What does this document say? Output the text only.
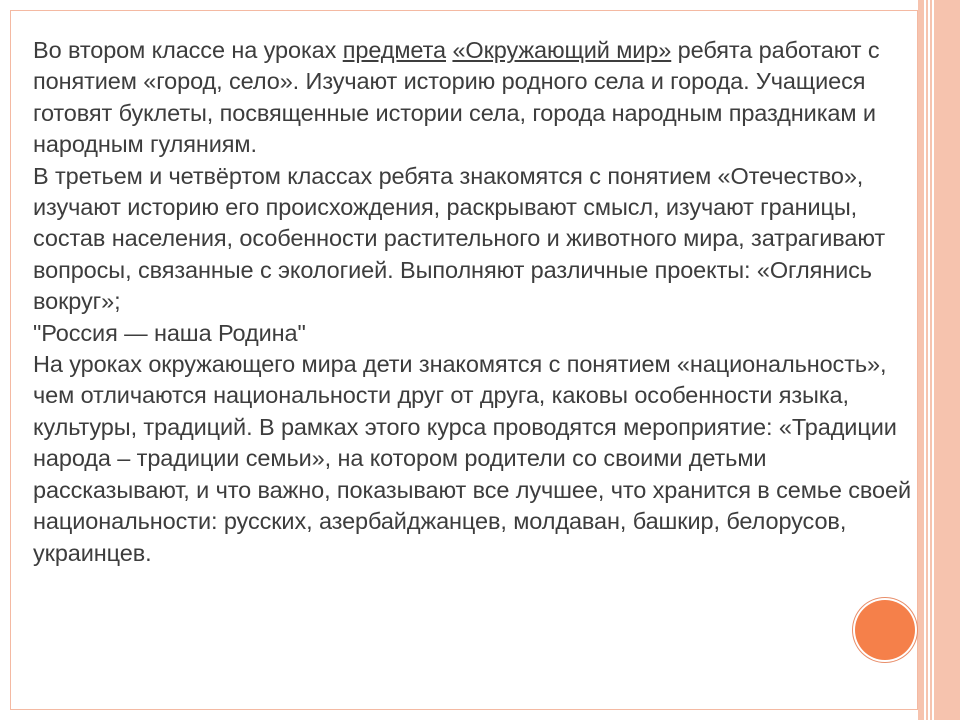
Во втором классе на уроках предмета «Окружающий мир» ребята работают с понятием «город, село». Изучают историю родного села и города. Учащиеся готовят буклеты, посвященные истории села, города народным праздникам и народным гуляниям.

В третьем и четвёртом классах ребята знакомятся с понятием «Отечество», изучают историю его происхождения, раскрывают смысл, изучают границы, состав населения, особенности растительного и животного мира, затрагивают вопросы, связанные с экологией. Выполняют различные проекты: «Оглянись вокруг»;
"Россия — наша Родина"

На уроках окружающего мира дети знакомятся с понятием «национальность», чем отличаются национальности друг от друга, каковы особенности языка, культуры, традиций. В рамках этого курса проводятся мероприятие: «Традиции народа – традиции семьи», на котором родители со своими детьми рассказывают, и что важно, показывают все лучшее, что хранится в семье своей национальности: русских, азербайджанцев, молдаван, башкир, белорусов, украинцев.
